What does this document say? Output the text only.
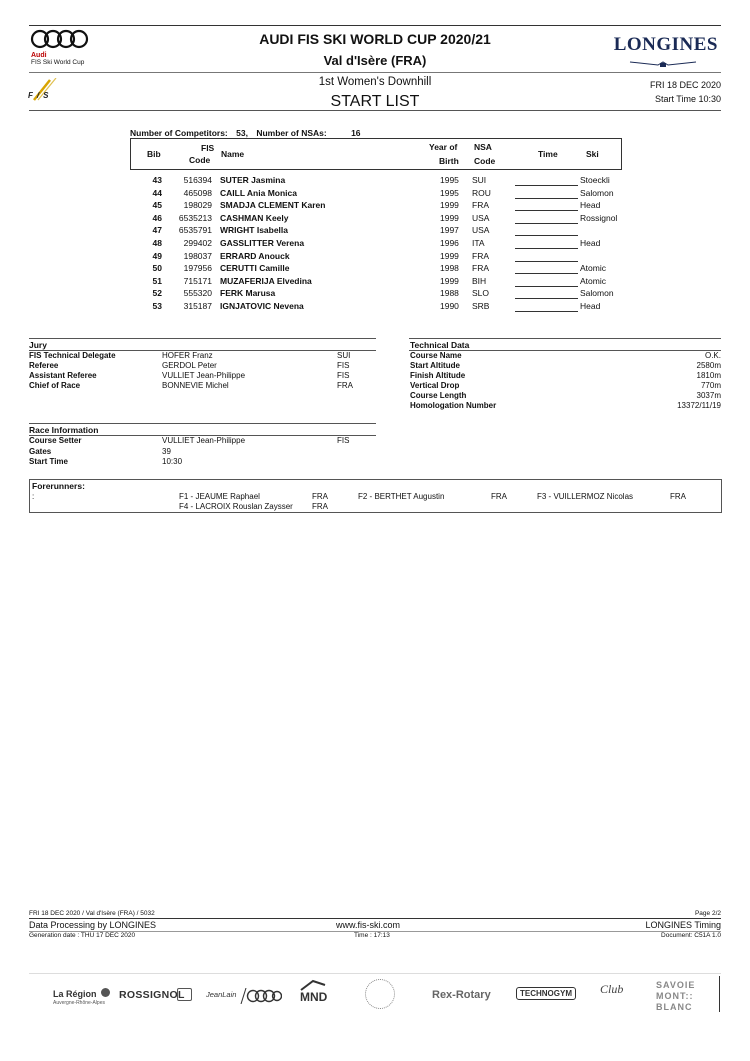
Audi
FIS Ski World Cup
AUDI FIS SKI WORLD CUP 2020/21
Val d'Isère (FRA)
LONGINES
F/S
1st Women's Downhill
START LIST
FRI 18 DEC 2020
Start Time 10:30
Number of Competitors: 53, Number of NSAs:	16
Bib
FIS
Code
Name
Year of
Birth
NSA
Code
Time	Ski
43	516394 SUTER Jasmina	1995 SUI	Stoeckli
44	465098 CAILL Ania Monica	1995 ROU	Salomon
45	198029 SMADJA CLEMENT Karen	1999 FRA	Head
46 6535213 CASHMAN Keely	1999 USA	Rossignol
47 6535791 WRIGHT Isabella	1997 USA
48	299402 GASSLITTER Verena	1996 ITA	Head
49	198037 ERRARD Anouck	1999 FRA
50	197956 CERUTTI Camille	1998 FRA	Atomic
51	715171 MUZAFERIJA Elvedina	1999 BIH	Atomic
52	555320 FERK Marusa	1988 SLO	Salomon
53	315187 IGNJATOVIC Nevena	1990 SRB	Head
Jury
FIS Technical Delegate	HOFER Franz	SUI
Referee	GERDOL Peter	FIS
Assistant Referee	VULLIET Jean-Philippe	FIS
Chief of Race	BONNEVIE Michel	FRA
Technical Data
Course Name	O.K.
Start Altitude	2580m
Finish Altitude	1810m
Vertical Drop	770m
Course Length	3037m
Homologation Number	13372/11/19
Race Information
Course Setter	VULLIET Jean-Philippe	FIS
Gates	39
Start Time	10:30
Forerunners:
:	F1 - JEAUME Raphael	FRA	F2 - BERTHET Augustin	FRA	F3 - VUILLERMOZ Nicolas	FRA
F4 - LACROIX Rouslan Zaysser FRA
FRI 18 DEC 2020 / Val d'Isère (FRA) / 5032	Page 2/2
Data Processing by LONGINES	www.fis-ski.com	LONGINES Timing
Generation date : THU 17 DEC 2020	Time : 17:13	Document: C51A 1.0
La Région
Auvergne-Rhône-Alpes
ROSSIGNOL	JeanLain	MND	Rex-Rotary	TECHNOGYM	Club	SAVOIE
MONT::
BLANC
